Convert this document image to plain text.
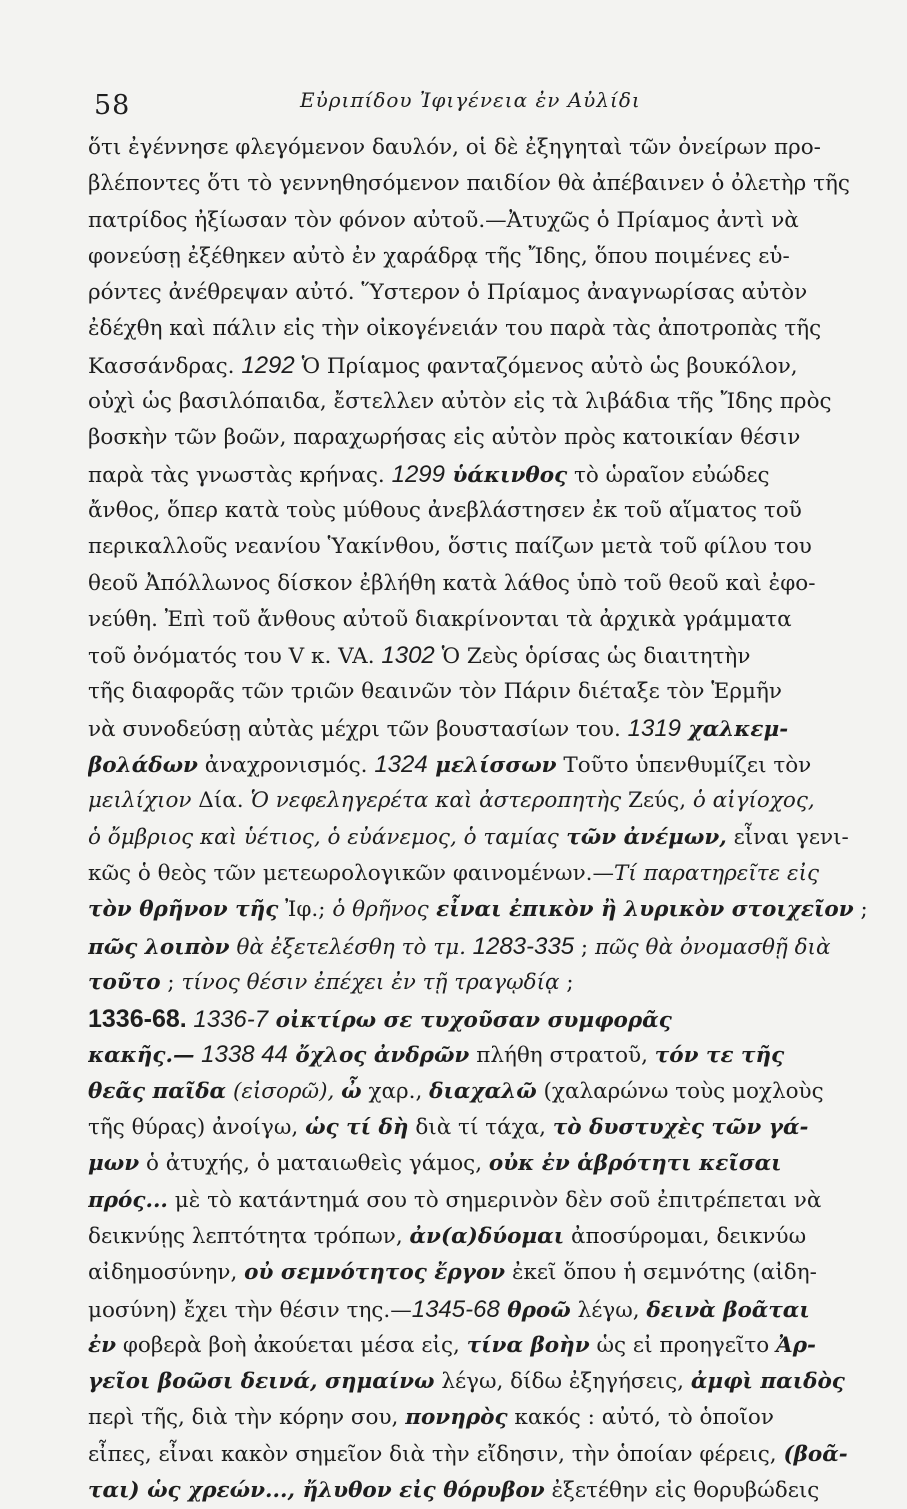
58	Εὐριπίδου Ἰφιγένεια ἐν Αὐλίδι
ὅτι ἐγέννησε φλεγόμενον δαυλόν, οἱ δὲ ἐξηγηταὶ τῶν ὀνείρων προ-
βλέποντες ὅτι τὸ γεννηθησόμενον παιδίον θὰ ἀπέβαινεν ὁ ὀλετὴρ τῆς
πατρίδος ἠξίωσαν τὸν φόνον αὐτοῦ.—Ἀτυχῶς ὁ Πρίαμος ἀντὶ νὰ
φονεύσῃ ἐξέθηκεν αὐτὸ ἐν χαράδρᾳ τῆς Ἴδης, ὅπου ποιμένες εὑ-
ρόντες ἀνέθρεψαν αὐτό. Ὕστερον ὁ Πρίαμος ἀναγνωρίσας αὐτὸν
ἐδέχθη καὶ πάλιν εἰς τὴν οἰκογένειάν του παρὰ τὰς ἀποτροπὰς τῆς
Κασσάνδρας. 1292 Ὁ Πρίαμος φανταζόμενος αὐτὸ ὡς βουκόλον,
οὐχὶ ὡς βασιλόπαιδα, ἔστελλεν αὐτὸν εἰς τὰ λιβάδια τῆς Ἴδης πρὸς
βοσκὴν τῶν βοῶν, παραχωρήσας εἰς αὐτὸν πρὸς κατοικίαν θέσιν
παρὰ τὰς γνωστὰς κρήνας. 1299 ὑάκινθος τὸ ὡραῖον εὐώδες
ἄνθος, ὅπερ κατὰ τοὺς μύθους ἀνεβλάστησεν ἐκ τοῦ αἵματος τοῦ
περικαλλοῦς νεανίου Ὑακίνθου, ὅστις παίζων μετὰ τοῦ φίλου του
θεοῦ Ἀπόλλωνος δίσκον ἐβλήθη κατὰ λάθος ὑπὸ τοῦ θεοῦ καὶ ἐφο-
νεύθη. Ἐπὶ τοῦ ἄνθους αὐτοῦ διακρίνονται τὰ ἀρχικὰ γράμματα
τοῦ ὀνόματός του V κ. VA. 1302 Ὁ Ζεὺς ὁρίσας ὡς διαιτητὴν
τῆς διαφορᾶς τῶν τριῶν θεαινῶν τὸν Πάριν διέταξε τὸν Ἑρμῆν
νὰ συνοδεύσῃ αὐτὰς μέχρι τῶν βουστασίων του. 1319 χαλκεμ-
βολάδων ἀναχρονισμός. 1324 μελίσσων Τοῦτο ὑπενθυμίζει τὸν
μειλίχιον Δία. Ὁ νεφεληγερέτα καὶ ἀστεροπητὴς Ζεύς, ὁ αἰγίοχος,
ὁ ὄμβριος καὶ ὑέτιος, ὁ εὐάνεμος, ὁ ταμίας τῶν ἀνέμων, εἶναι γενι-
κῶς ὁ θεὸς τῶν μετεωρολογικῶν φαινομένων.—Τί παρατηρεῖτε εἰς
τὸν θρῆνον τῆς Ἰφ.; ὁ θρῆνος εἶναι ἐπικὸν ἢ λυρικὸν στοιχεῖον ;
πῶς λοιπὸν θὰ ἐξετελέσθη τὸ τμ. 1283-335 ; πῶς θὰ ὀνομασθῇ διὰ
τοῦτο ; τίνος θέσιν ἐπέχει ἐν τῇ τραγῳδίᾳ ;
1336-68. 1336-7 οἰκτίρω σε τυχοῦσαν συμφορᾶς
κακῆς.— 1338 44 ὄχλος ἀνδρῶν πλήθη στρατοῦ, τόν τε τῆς
θεᾶς παῖδα (εἰσορῶ), ὦ χαρ., διαχαλῶ (χαλαρώνω τοὺς μοχλοὺς
τῆς θύρας) ἀνοίγω, ὡς τί δὴ διὰ τί τάχα, τὸ δυστυχὲς τῶν γά-
μων ὁ ἀτυχής, ὁ ματαιωθεὶς γάμος, οὐκ ἐν ἁβρότητι κεῖσαι
πρός... μὲ τὸ κατάντημά σου τὸ σημερινὸν δὲν σοῦ ἐπιτρέπεται νὰ
δεικνύῃς λεπτότητα τρόπων, ἀν(α)δύομαι ἀποσύρομαι, δεικνύω
αἰδημοσύνην, οὐ σεμνότητος ἔργον ἐκεῖ ὅπου ἡ σεμνότης (αἰδη-
μοσύνη) ἔχει τὴν θέσιν της.—1345-68 θροῶ λέγω, δεινὰ βοᾶται
ἐν φοβερὰ βοὴ ἀκούεται μέσα εἰς, τίνα βοὴν ὡς εἰ προηγεῖτο Ἀρ-
γεῖοι βοῶσι δεινά, σημαίνω λέγω, δίδω ἐξηγήσεις, ἀμφὶ παιδὸς
περὶ τῆς, διὰ τὴν κόρην σου, πονηρὸς κακός : αὐτό, τὸ ὁποῖον
εἶπες, εἶναι κακὸν σημεῖον διὰ τὴν εἴδησιν, τὴν ὁποίαν φέρεις, (βοᾶ-
ται) ὡς χρεών..., ἤλυθον εἰς θόρυβον ἐξετέθην εἰς θορυβώδεις
